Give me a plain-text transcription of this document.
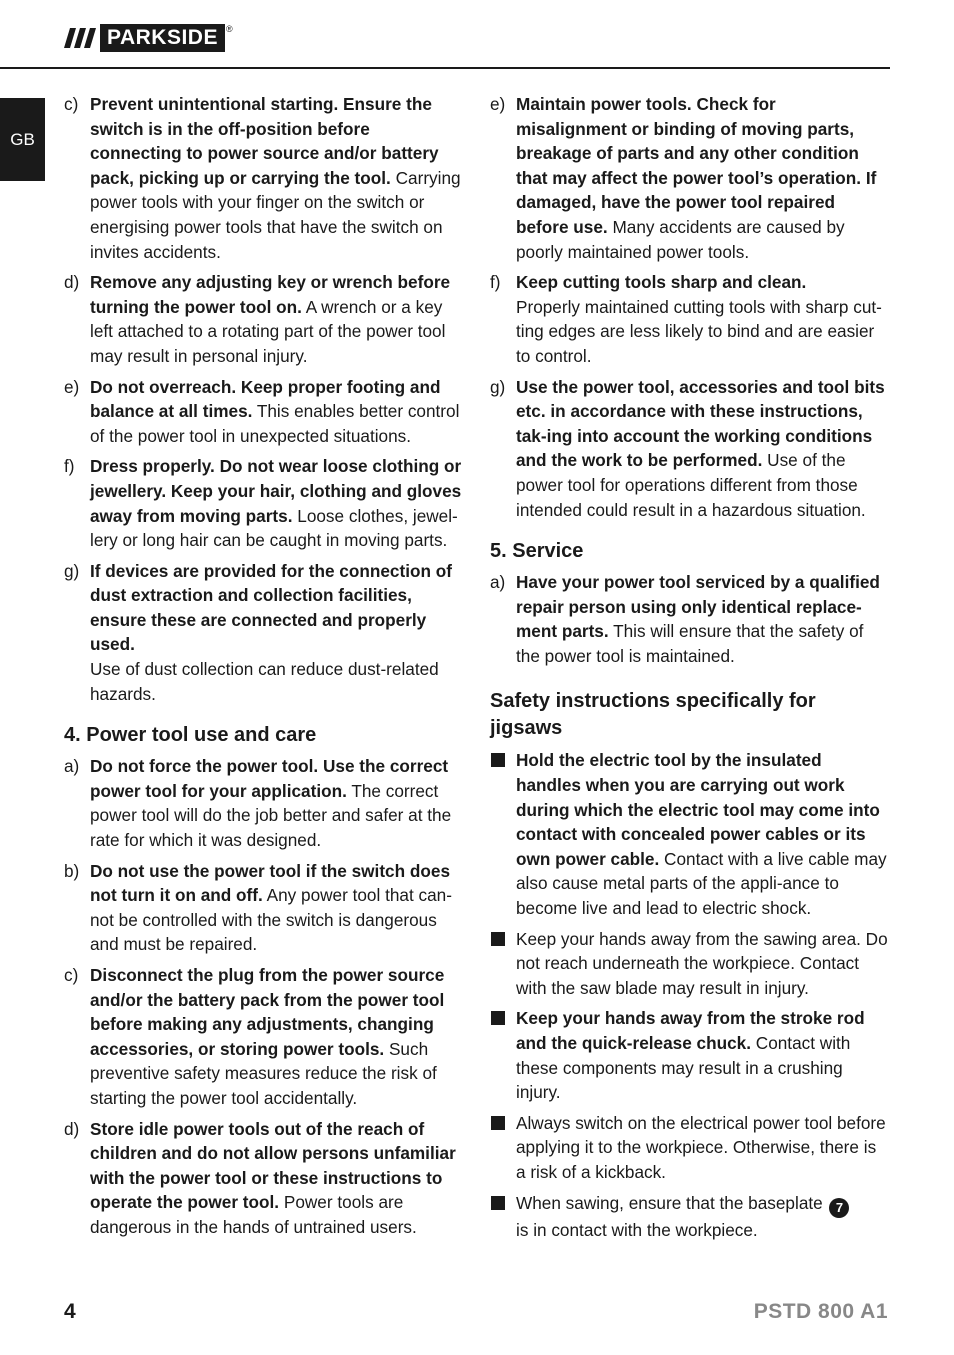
PARKSIDE ®
GB
c) Prevent unintentional starting. Ensure the switch is in the off-position before connecting to power source and/or battery pack, picking up or carrying the tool. Carrying power tools with your finger on the switch or energising power tools that have the switch on invites accidents.
d) Remove any adjusting key or wrench before turning the power tool on. A wrench or a key left attached to a rotating part of the power tool may result in personal injury.
e) Do not overreach. Keep proper footing and balance at all times. This enables better control of the power tool in unexpected situations.
f) Dress properly. Do not wear loose clothing or jewellery. Keep your hair, clothing and gloves away from moving parts. Loose clothes, jewel-lery or long hair can be caught in moving parts.
g) If devices are provided for the connection of dust extraction and collection facilities, ensure these are connected and properly used.
Use of dust collection can reduce dust-related hazards.
4. Power tool use and care
a) Do not force the power tool. Use the correct power tool for your application. The correct power tool will do the job better and safer at the rate for which it was designed.
b) Do not use the power tool if the switch does not turn it on and off. Any power tool that can-not be controlled with the switch is dangerous and must be repaired.
c) Disconnect the plug from the power source and/or the battery pack from the power tool before making any adjustments, changing accessories, or storing power tools. Such preventive safety measures reduce the risk of starting the power tool accidentally.
d) Store idle power tools out of the reach of children and do not allow persons unfamiliar with the power tool or these instructions to operate the power tool. Power tools are dangerous in the hands of untrained users.
e) Maintain power tools. Check for misalignment or binding of moving parts, breakage of parts and any other condition that may affect the power tool’s operation. If damaged, have the power tool repaired before use. Many accidents are caused by poorly maintained power tools.
f) Keep cutting tools sharp and clean.
Properly maintained cutting tools with sharp cut-ting edges are less likely to bind and are easier to control.
g) Use the power tool, accessories and tool bits etc. in accordance with these instructions, tak-ing into account the working conditions and the work to be performed. Use of the power tool for operations different from those intended could result in a hazardous situation.
5. Service
a) Have your power tool serviced by a qualified repair person using only identical replace-ment parts. This will ensure that the safety of the power tool is maintained.
Safety instructions specifically for jigsaws
Hold the electric tool by the insulated handles when you are carrying out work during which the electric tool may come into contact with concealed power cables or its own power cable. Contact with a live cable may also cause metal parts of the appli-ance to become live and lead to electric shock.
Keep your hands away from the sawing area. Do not reach underneath the workpiece. Contact with the saw blade may result in injury.
Keep your hands away from the stroke rod and the quick-release chuck. Contact with these components may result in a crushing injury.
Always switch on the electrical power tool before applying it to the workpiece. Otherwise, there is a risk of a kickback.
When sawing, ensure that the baseplate 7
is in contact with the workpiece.
4	PSTD 800 A1
